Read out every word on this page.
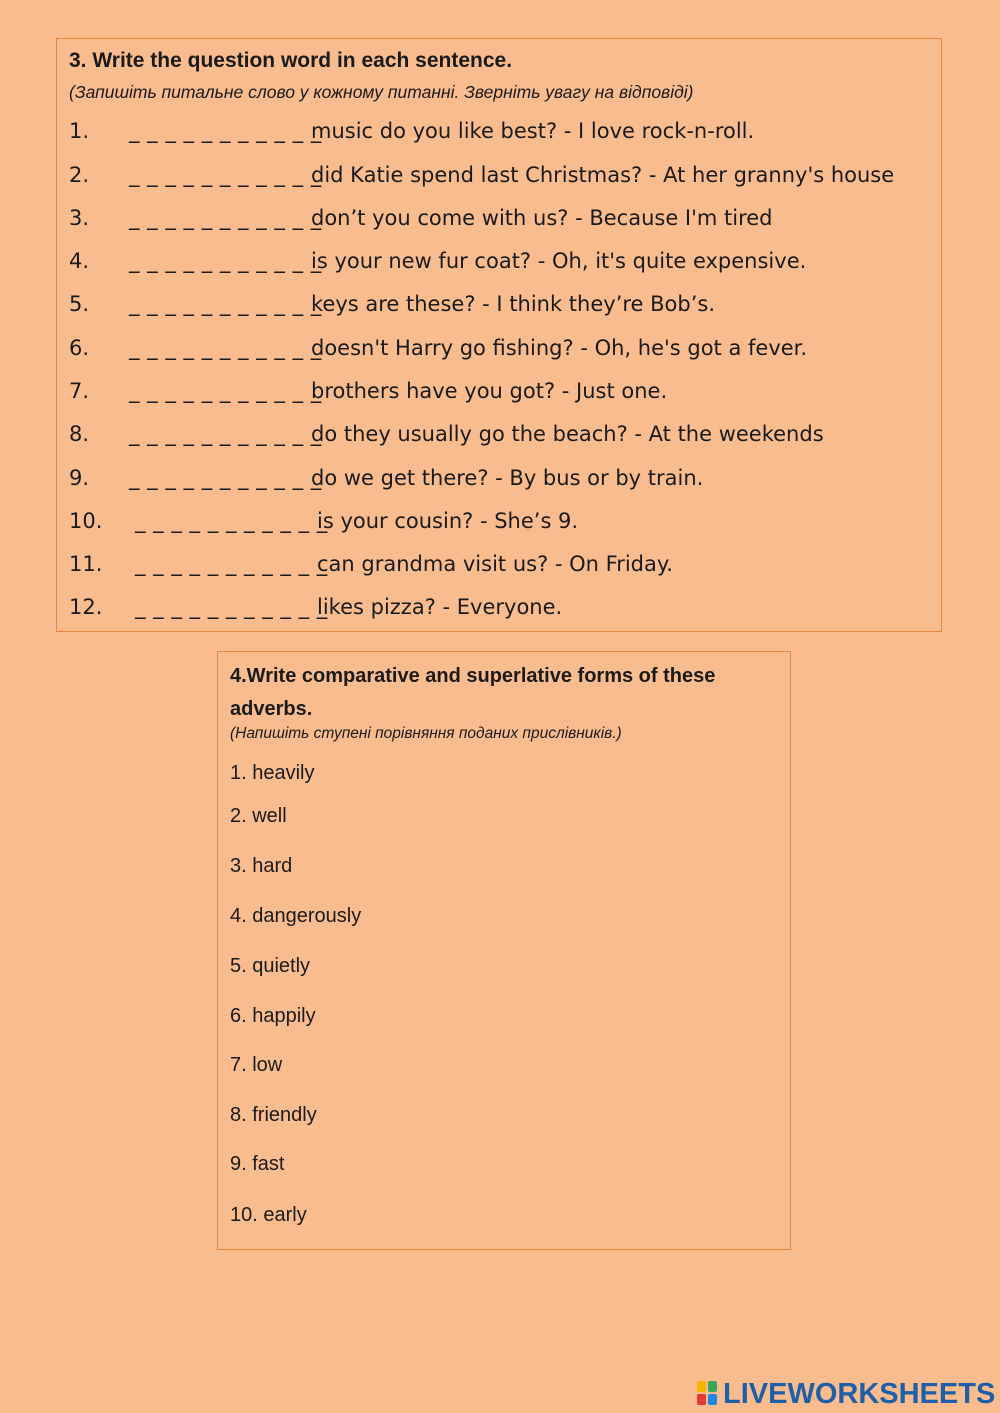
3. Write the question word in each sentence.
(Запишіть питальне слово у кожному питанні. Зверніть увагу на відповіді)
1. _ _ _ _ _ _ _ _ _ _ _
music do you like best? - I love rock-n-roll.
2. _ _ _ _ _ _ _ _ _ _ _
did Katie spend last Christmas? - At her granny's house
3. _ _ _ _ _ _ _ _ _ _ _
don’t you come with us? - Because I'm tired
4. _ _ _ _ _ _ _ _ _ _ _
is your new fur coat? - Oh, it's quite expensive.
5. _ _ _ _ _ _ _ _ _ _ _
keys are these? - I think they’re Bob’s.
6. _ _ _ _ _ _ _ _ _ _ _
doesn't Harry go fishing? - Oh, he's got a fever.
7. _ _ _ _ _ _ _ _ _ _ _
brothers have you got? - Just one.
8. _ _ _ _ _ _ _ _ _ _ _
do they usually go the beach? - At the weekends
9. _ _ _ _ _ _ _ _ _ _ _
do we get there? - By bus or by train.
10. _ _ _ _ _ _ _ _ _ _ _
is your cousin? - She’s 9.
11. _ _ _ _ _ _ _ _ _ _ _
can grandma visit us? - On Friday.
12. _ _ _ _ _ _ _ _ _ _ _
likes pizza? - Everyone.
4.Write comparative and superlative forms of these adverbs.
(Напишіть ступені порівняння поданих прислівників.)
1. heavily
2. well
3. hard
4. dangerously
5. quietly
6. happily
7. low
8. friendly
9. fast
10. early
LIVEWORKSHEETS
